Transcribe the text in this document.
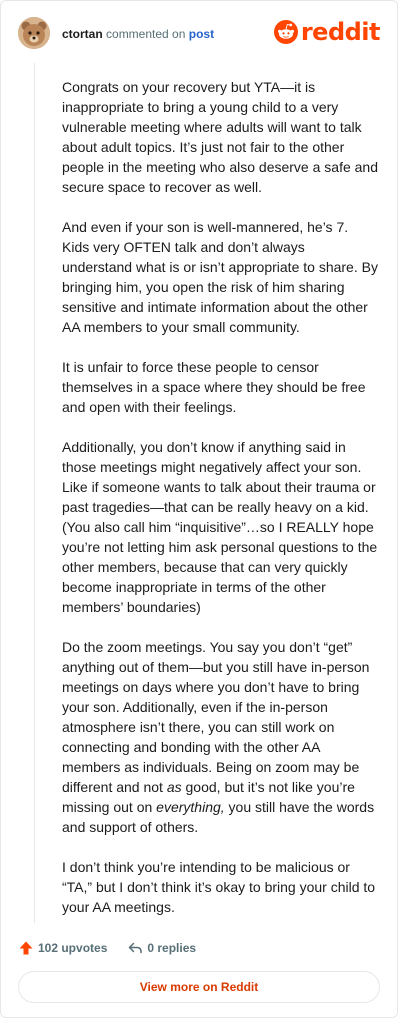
ctortan commented on post	reddit

Congrats on your recovery but YTA—it is inappropriate to bring a young child to a very vulnerable meeting where adults will want to talk about adult topics. It’s just not fair to the other people in the meeting who also deserve a safe and secure space to recover as well.

And even if your son is well-mannered, he’s 7. Kids very OFTEN talk and don’t always understand what is or isn’t appropriate to share. By bringing him, you open the risk of him sharing sensitive and intimate information about the other AA members to your small community.

It is unfair to force these people to censor themselves in a space where they should be free and open with their feelings.

Additionally, you don’t know if anything said in those meetings might negatively affect your son. Like if someone wants to talk about their trauma or past tragedies—that can be really heavy on a kid. (You also call him “inquisitive”…so I REALLY hope you’re not letting him ask personal questions to the other members, because that can very quickly become inappropriate in terms of the other members’ boundaries)

Do the zoom meetings. You say you don’t “get” anything out of them—but you still have in-person meetings on days where you don’t have to bring your son. Additionally, even if the in-person atmosphere isn’t there, you can still work on connecting and bonding with the other AA members as individuals. Being on zoom may be different and not as good, but it’s not like you’re missing out on everything, you still have the words and support of others.

I don’t think you’re intending to be malicious or “TA,” but I don’t think it’s okay to bring your child to your AA meetings.

102 upvotes	0 replies
View more on Reddit
